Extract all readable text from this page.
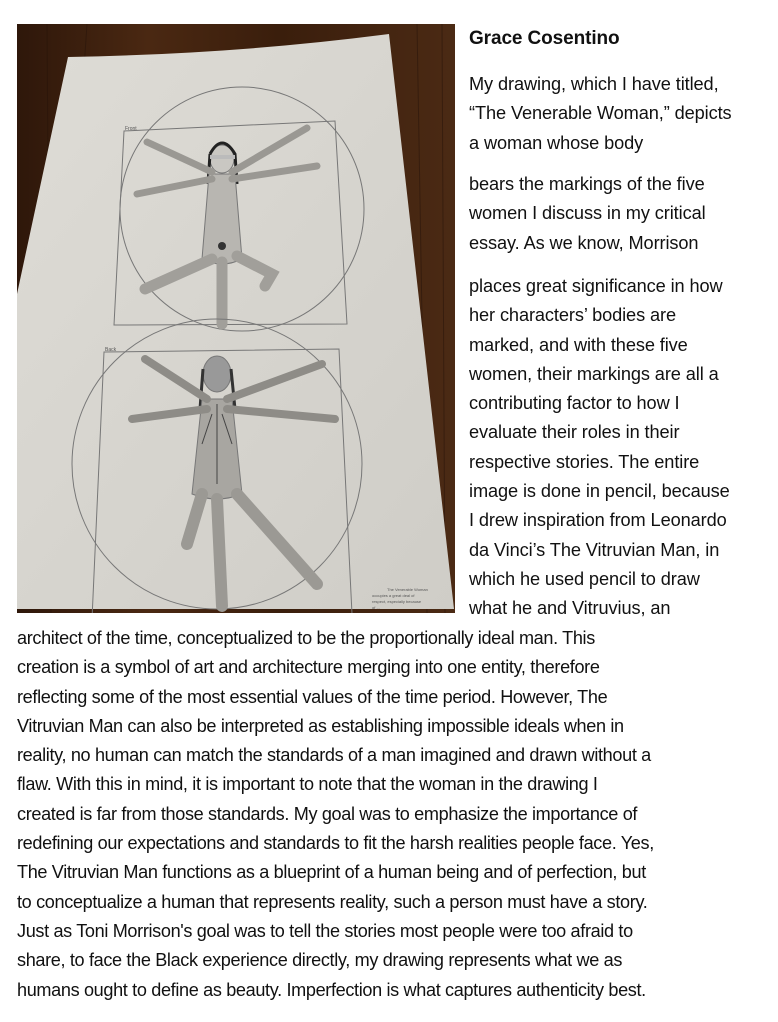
Front
Back
The Venerable Woman
occupies a great deal of
respect, especially because
of ...
Grace Cosentino

My drawing, which I have titled,
“The Venerable Woman,” depicts
a woman whose body

bears the markings of the five
women I discuss in my critical
essay. As we know, Morrison

places great significance in how
her characters’ bodies are
marked, and with these five
women, their markings are all a
contributing factor to how I
evaluate their roles in their
respective stories. The entire
image is done in pencil, because
I drew inspiration from Leonardo
da Vinci’s The Vitruvian Man, in
which he used pencil to draw
what he and Vitruvius, an

architect of the time, conceptualized to be the proportionally ideal man. This
creation is a symbol of art and architecture merging into one entity, therefore
reflecting some of the most essential values of the time period. However, The
Vitruvian Man can also be interpreted as establishing impossible ideals when in
reality, no human can match the standards of a man imagined and drawn without a
flaw. With this in mind, it is important to note that the woman in the drawing I
created is far from those standards. My goal was to emphasize the importance of
redefining our expectations and standards to fit the harsh realities people face. Yes,
The Vitruvian Man functions as a blueprint of a human being and of perfection, but
to conceptualize a human that represents reality, such a person must have a story.
Just as Toni Morrison's goal was to tell the stories most people were too afraid to
share, to face the Black experience directly, my drawing represents what we as
humans ought to define as beauty. Imperfection is what captures authenticity best.
